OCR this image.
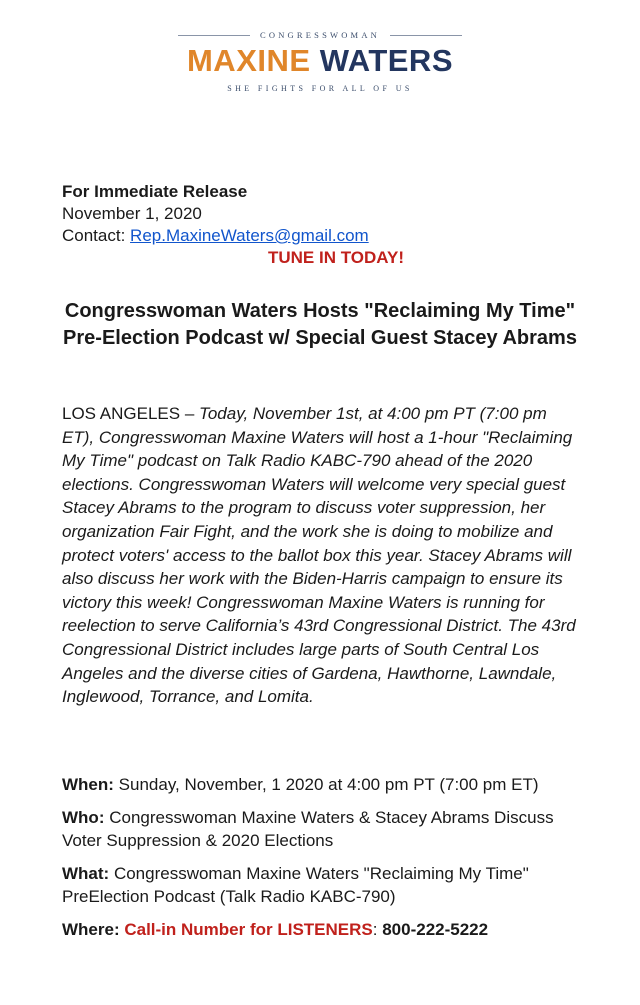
CONGRESSWOMAN
MAXINE WATERS
SHE FIGHTS FOR ALL OF US
For Immediate Release
November 1, 2020
Contact: Rep.MaxineWaters@gmail.com
TUNE IN TODAY!
Congresswoman Waters Hosts "Reclaiming My Time" Pre-Election Podcast w/ Special Guest Stacey Abrams
LOS ANGELES – Today, November 1st, at 4:00 pm PT (7:00 pm ET), Congresswoman Maxine Waters will host a 1-hour "Reclaiming My Time" podcast on Talk Radio KABC-790 ahead of the 2020 elections. Congresswoman Waters will welcome very special guest Stacey Abrams to the program to discuss voter suppression, her organization Fair Fight, and the work she is doing to mobilize and protect voters' access to the ballot box this year. Stacey Abrams will also discuss her work with the Biden-Harris campaign to ensure its victory this week! Congresswoman Maxine Waters is running for reelection to serve California’s 43rd Congressional District. The 43rd Congressional District includes large parts of South Central Los Angeles and the diverse cities of Gardena, Hawthorne, Lawndale, Inglewood, Torrance, and Lomita.

When: Sunday, November, 1 2020 at 4:00 pm PT (7:00 pm ET)

Who: Congresswoman Maxine Waters & Stacey Abrams Discuss Voter Suppression & 2020 Elections

What: Congresswoman Maxine Waters "Reclaiming My Time" PreElection Podcast (Talk Radio KABC-790)

Where: Call-in Number for LISTENERS: 800-222-5222
